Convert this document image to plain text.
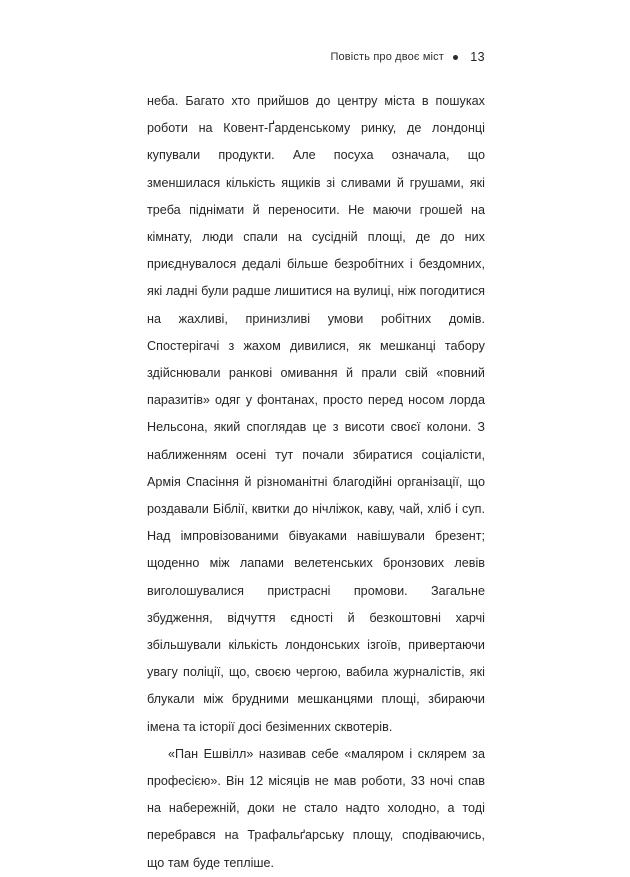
Повість про двоє міст 13

неба. Багато хто прийшов до центру міста в пошуках роботи на Ковент-Ґарденському ринку, де лондонці купували продукти. Але посуха означала, що зменшилася кількість ящиків зі сливами й грушами, які треба піднімати й переносити. Не маючи грошей на кімнату, люди спали на сусідній площі, де до них приєднувалося дедалі більше безробітних і бездомних, які ладні були радше лишитися на вулиці, ніж погодитися на жахливі, принизливі умови робітних домів. Спостерігачі з жахом дивилися, як мешканці табору здійснювали ранкові омивання й прали свій «повний паразитів» одяг у фонтанах, просто перед носом лорда Нельсона, який споглядав це з висоти своєї колони. З наближенням осені тут почали збиратися соціалісти, Армія Спасіння й різноманітні благодійні організації, що роздавали Біблії, квитки до нічліжок, каву, чай, хліб і суп. Над імпровізованими бівуаками навішували брезент; щоденно між лапами велетенських бронзових левів виголошувалися пристрасні промови. Загальне збудження, відчуття єдності й безкоштовні харчі збільшували кількість лондонських ізгоїв, привертаючи увагу поліції, що, своєю чергою, вабила журналістів, які блукали між брудними мешканцями площі, збираючи імена та історії досі безіменних сквотерів.

«Пан Ешвілл» називав себе «маляром і склярем за професією». Він 12 місяців не мав роботи, 33 ночі спав на набережній, доки не стало надто холодно, а тоді перебрався на Трафальґарську площу, сподіваючись, що там буде тепліше.
